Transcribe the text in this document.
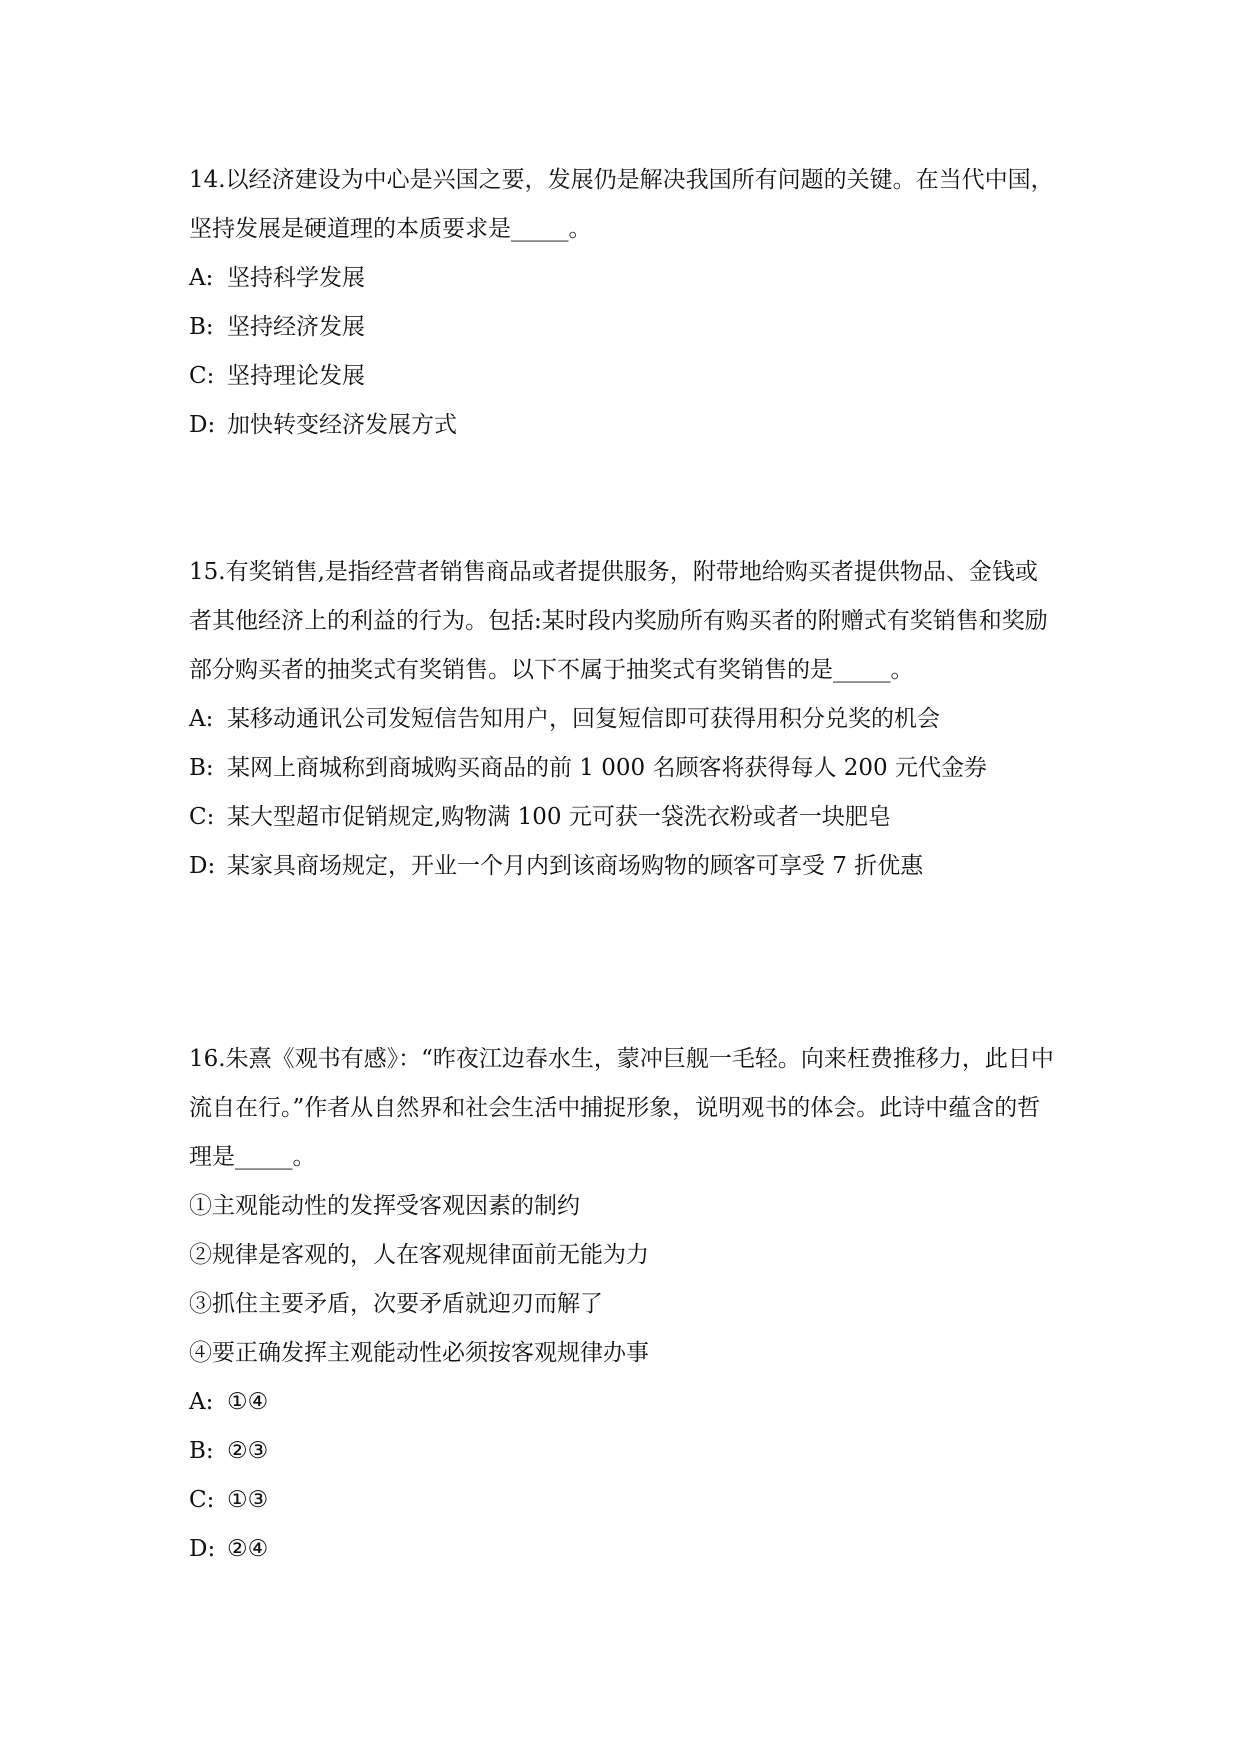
14.以经济建设为中心是兴国之要，发展仍是解决我国所有问题的关键。在当代中国，坚持发展是硬道理的本质要求是_____。

A: 坚持科学发展

B: 坚持经济发展

C: 坚持理论发展

D: 加快转变经济发展方式

15.有奖销售,是指经营者销售商品或者提供服务，附带地给购买者提供物品、金钱或者其他经济上的利益的行为。包括:某时段内奖励所有购买者的附赠式有奖销售和奖励部分购买者的抽奖式有奖销售。以下不属于抽奖式有奖销售的是_____。

A: 某移动通讯公司发短信告知用户，回复短信即可获得用积分兑奖的机会

B: 某网上商城称到商城购买商品的前 1 000 名顾客将获得每人 200 元代金券

C: 某大型超市促销规定,购物满 100 元可获一袋洗衣粉或者一块肥皂

D: 某家具商场规定，开业一个月内到该商场购物的顾客可享受 7 折优惠

16.朱熹《观书有感》：“昨夜江边春水生，蒙冲巨舰一毛轻。向来枉费推移力，此日中流自在行。”作者从自然界和社会生活中捕捉形象，说明观书的体会。此诗中蕴含的哲理是_____。

①主观能动性的发挥受客观因素的制约

②规律是客观的，人在客观规律面前无能为力

③抓住主要矛盾，次要矛盾就迎刃而解了

④要正确发挥主观能动性必须按客观规律办事

A: ①④

B: ②③

C: ①③

D: ②④
